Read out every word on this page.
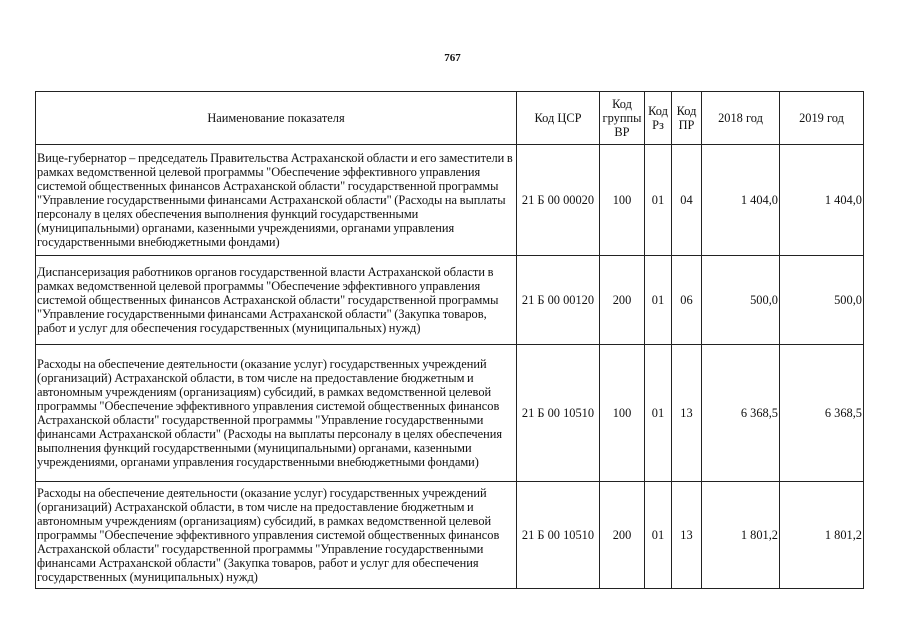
767
Наименование показателя	Код ЦСР	Код группы ВР	Код Рз	Код ПР	2018 год	2019 год
Вице-губернатор – председатель Правительства Астраханской области и его заместители в рамках ведомственной целевой программы "Обеспечение эффективного управления системой общественных финансов Астраханской области" государственной программы "Управление государственными финансами Астраханской области" (Расходы на выплаты персоналу в целях обеспечения выполнения функций государственными (муниципальными) органами, казенными учреждениями, органами управления государственными внебюджетными фондами)	21 Б 00 00020	100	01	04	1 404,0	1 404,0
Диспансеризация работников органов государственной власти Астраханской области в рамках ведомственной целевой программы "Обеспечение эффективного управления системой общественных финансов Астраханской области" государственной программы "Управление государственными финансами Астраханской области" (Закупка товаров, работ и услуг для обеспечения государственных (муниципальных) нужд)	21 Б 00 00120	200	01	06	500,0	500,0
Расходы на обеспечение деятельности (оказание услуг) государственных учреждений (организаций) Астраханской области, в том числе на предоставление бюджетным и автономным учреждениям (организациям) субсидий, в рамках ведомственной целевой программы "Обеспечение эффективного управления системой общественных финансов Астраханской области" государственной программы "Управление государственными финансами Астраханской области" (Расходы на выплаты персоналу в целях обеспечения выполнения функций государственными (муниципальными) органами, казенными учреждениями, органами управления государственными внебюджетными фондами)	21 Б 00 10510	100	01	13	6 368,5	6 368,5
Расходы на обеспечение деятельности (оказание услуг) государственных учреждений (организаций) Астраханской области, в том числе на предоставление бюджетным и автономным учреждениям (организациям) субсидий, в рамках ведомственной целевой программы "Обеспечение эффективного управления системой общественных финансов Астраханской области" государственной программы "Управление государственными финансами Астраханской области" (Закупка товаров, работ и услуг для обеспечения государственных (муниципальных) нужд)	21 Б 00 10510	200	01	13	1 801,2	1 801,2
